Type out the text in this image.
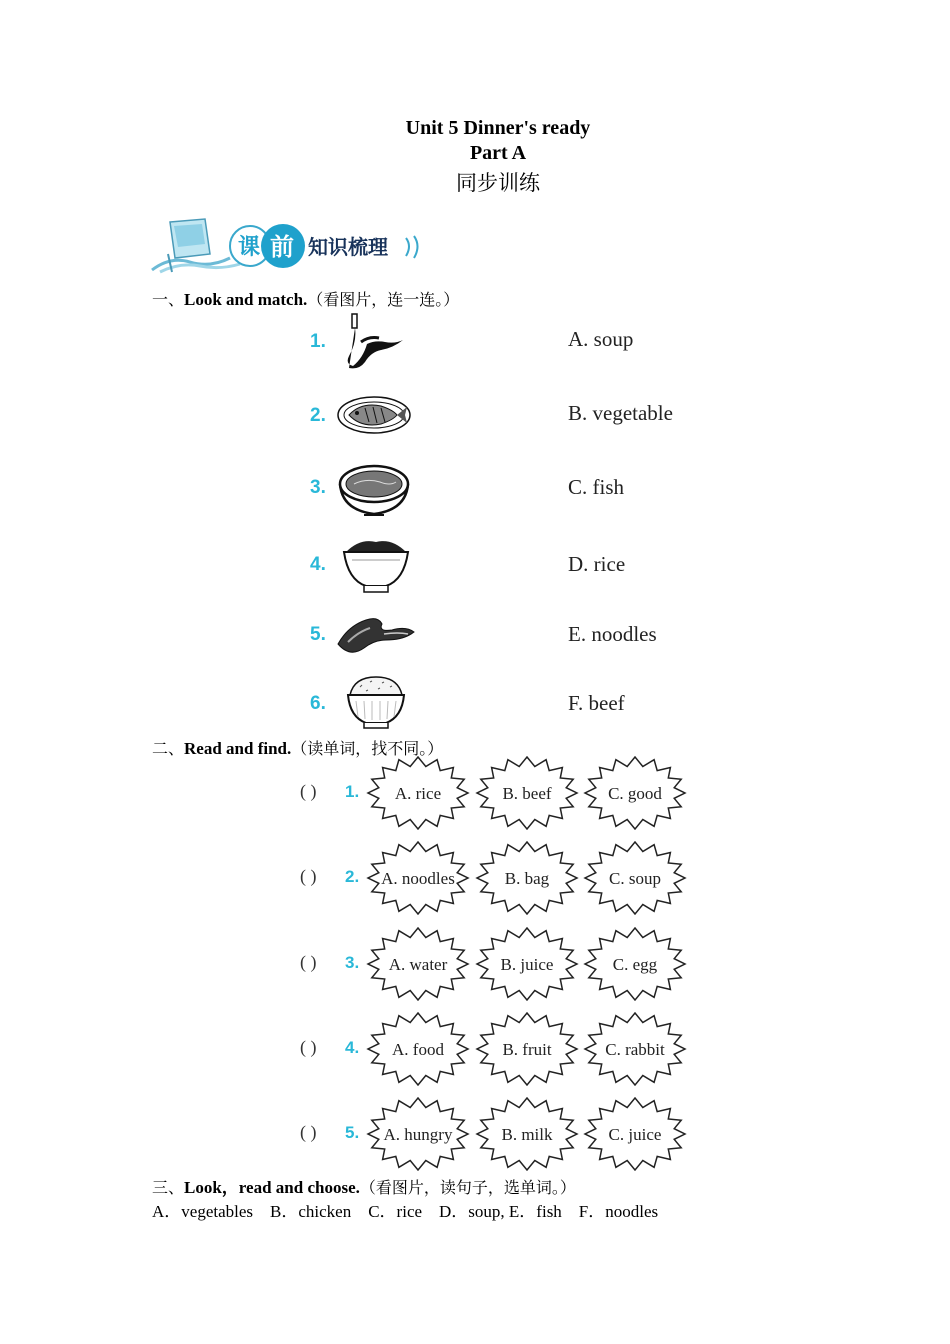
Unit 5 Dinner's ready
Part A
同步训练
课 前 知识梳理
一、Look and match.（看图片，连一连。）
1.	A. soup
2.	B. vegetable
3.	C. fish
4.	D. rice
5.	E. noodles
6.	F. beef
二、Read and find.（读单词，找不同。）
( ) 1. A. rice	B. beef	C. good
( ) 2. A. noodles	B. bag	C. soup
( ) 3. A. water	B. juice	C. egg
( ) 4. A. food	B. fruit	C. rabbit
( ) 5. A. hungry	B. milk	C. juice
三、Look，read and choose.（看图片，读句子，选单词。）
A．vegetables    B．chicken    C．rice    D．soup, E．fish    F．noodles
